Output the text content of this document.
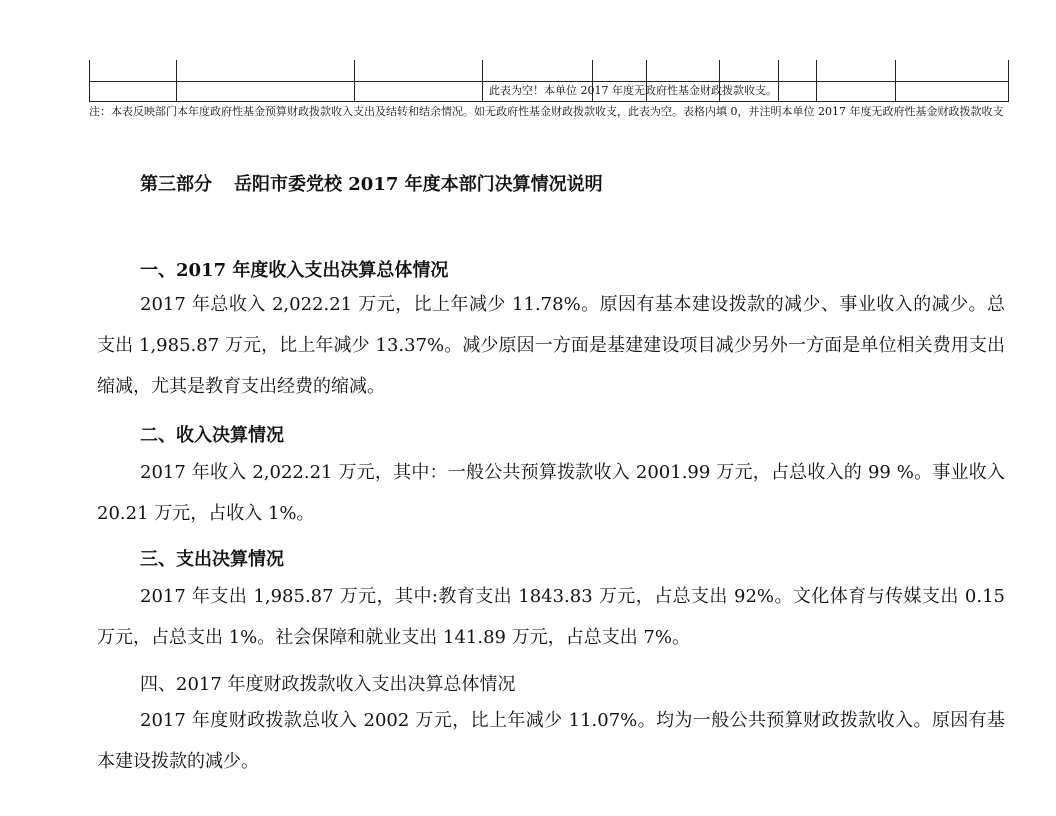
			此表为空！本单位 2017 年度无政府性基金财政拨款收支。						

注：本表反映部门本年度政府性基金预算财政拨款收入支出及结转和结余情况。如无政府性基金财政拨款收支，此表为空。表格内填 0，并注明本单位 2017 年度无政府性基金财政拨款收支

第三部分 岳阳市委党校 2017 年度本部门决算情况说明
一、2017 年度收入支出决算总体情况

2017 年总收入 2,022.21 万元，比上年减少 11.78%。原因有基本建设拨款的减少、事业收入的减少。总支出 1,985.87 万元，比上年减少 13.37%。减少原因一方面是基建建设项目减少另外一方面是单位相关费用支出缩减，尤其是教育支出经费的缩减。

二、收入决算情况

2017 年收入 2,022.21 万元，其中：一般公共预算拨款收入 2001.99 万元，占总收入的 99 %。事业收入 20.21 万元，占收入 1%。

三、支出决算情况

2017 年支出 1,985.87 万元，其中:教育支出 1843.83 万元，占总支出 92%。文化体育与传媒支出 0.15 万元，占总支出 1%。社会保障和就业支出 141.89 万元，占总支出 7%。

四、2017 年度财政拨款收入支出决算总体情况

2017 年度财政拨款总收入 2002 万元，比上年减少 11.07%。均为一般公共预算财政拨款收入。原因有基本建设拨款的减少。
